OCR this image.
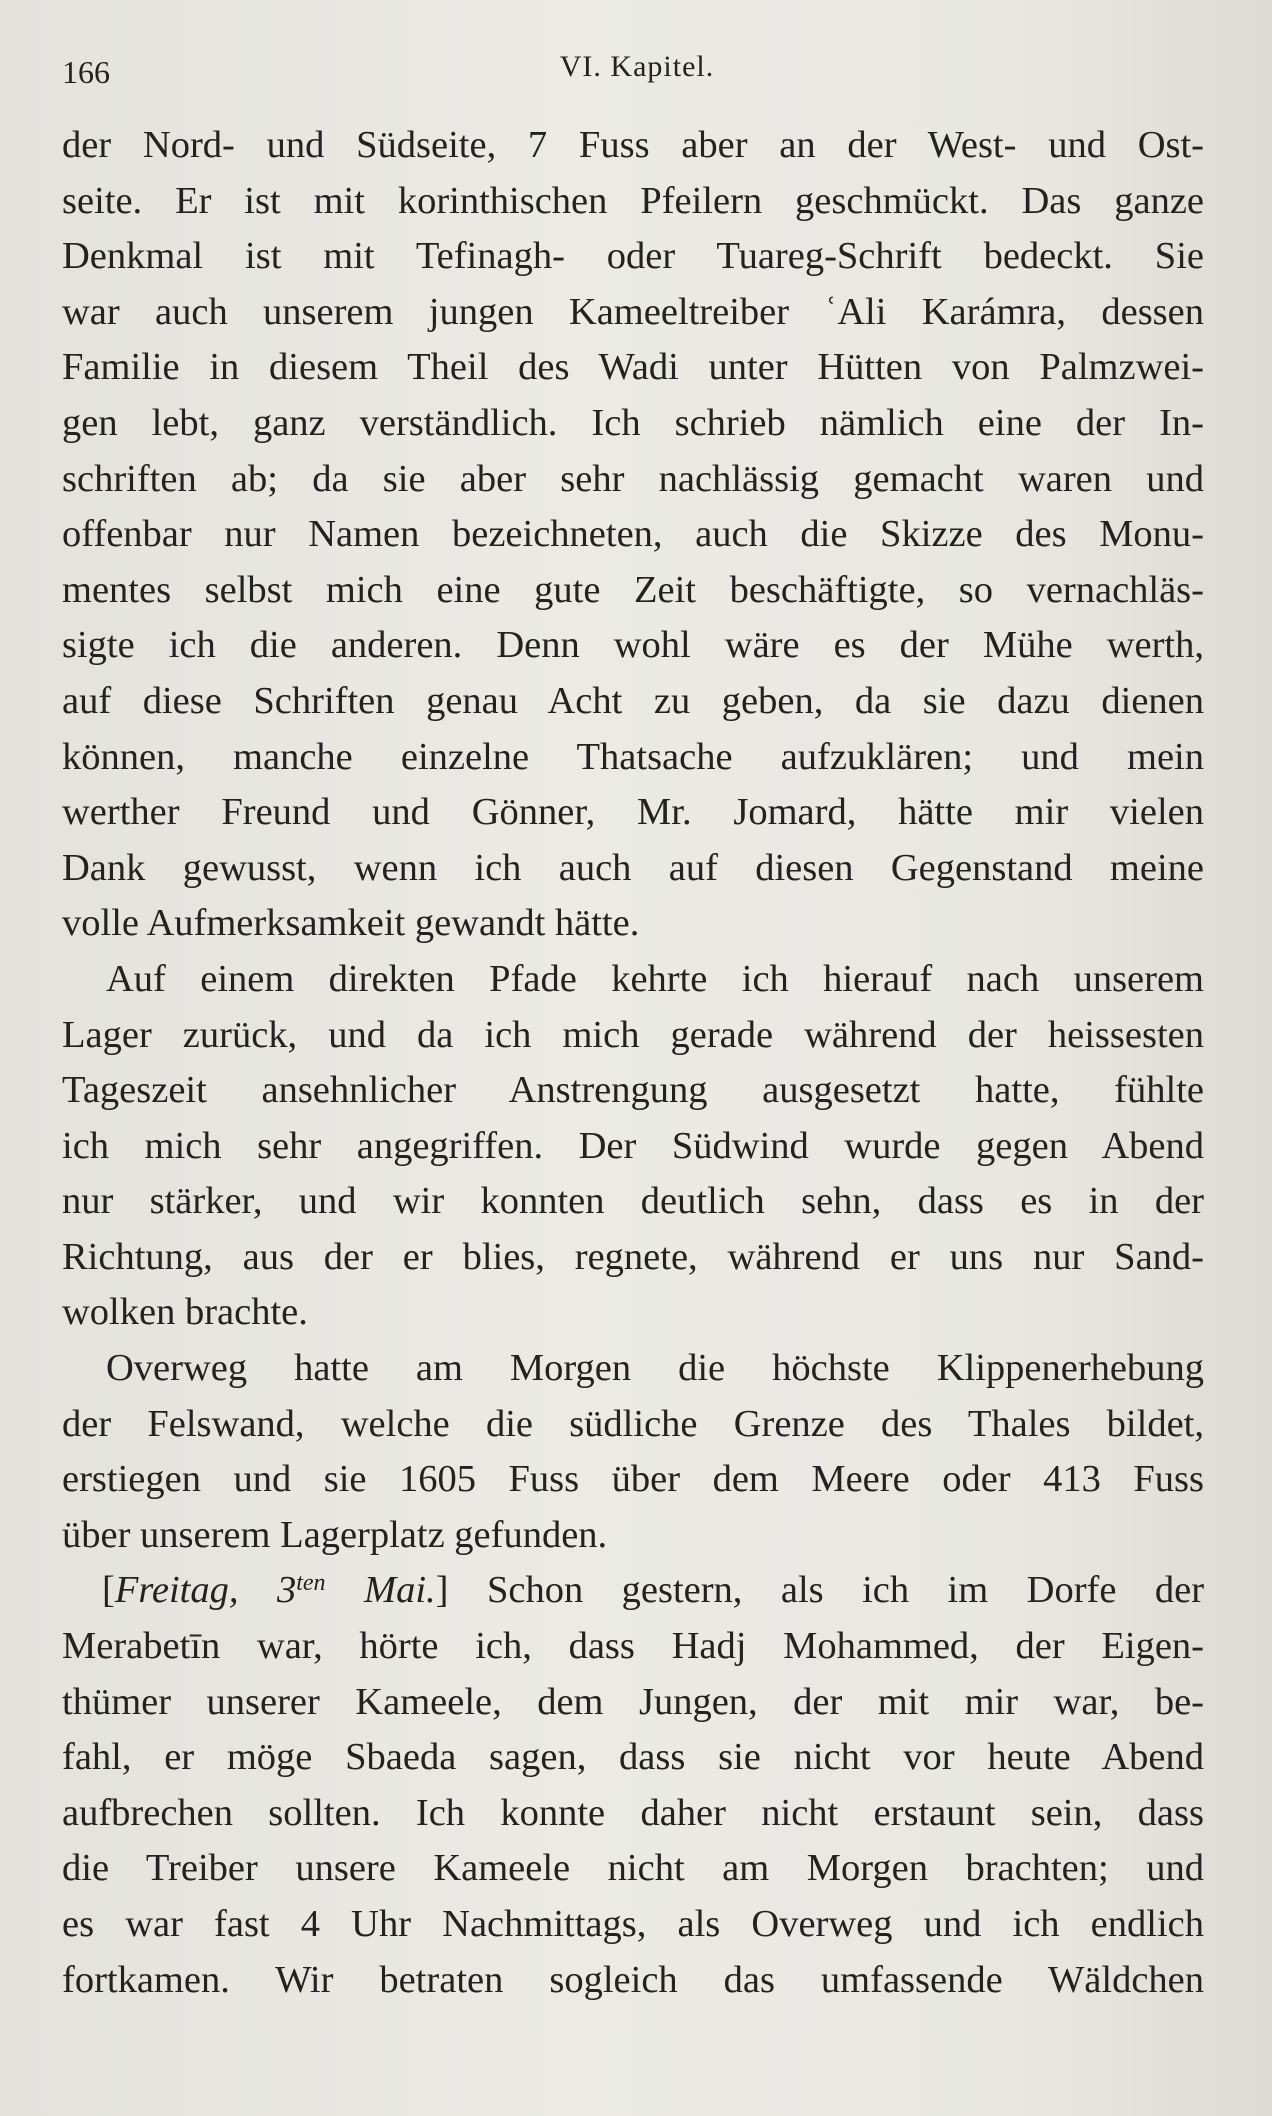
166	VI. Kapitel.
der Nord- und Südseite, 7 Fuss aber an der West- und Ost-
seite. Er ist mit korinthischen Pfeilern geschmückt. Das ganze
Denkmal ist mit Tefinagh- oder Tuareg-Schrift bedeckt. Sie
war auch unserem jungen Kameeltreiber ʿAli Karámra, dessen
Familie in diesem Theil des Wadi unter Hütten von Palmzwei-
gen lebt, ganz verständlich. Ich schrieb nämlich eine der In-
schriften ab; da sie aber sehr nachlässig gemacht waren und
offenbar nur Namen bezeichneten, auch die Skizze des Monu-
mentes selbst mich eine gute Zeit beschäftigte, so vernachläs-
sigte ich die anderen. Denn wohl wäre es der Mühe werth,
auf diese Schriften genau Acht zu geben, da sie dazu dienen
können, manche einzelne Thatsache aufzuklären; und mein
werther Freund und Gönner, Mr. Jomard, hätte mir vielen
Dank gewusst, wenn ich auch auf diesen Gegenstand meine
volle Aufmerksamkeit gewandt hätte.
Auf einem direkten Pfade kehrte ich hierauf nach unserem
Lager zurück, und da ich mich gerade während der heissesten
Tageszeit ansehnlicher Anstrengung ausgesetzt hatte, fühlte
ich mich sehr angegriffen. Der Südwind wurde gegen Abend
nur stärker, und wir konnten deutlich sehn, dass es in der
Richtung, aus der er blies, regnete, während er uns nur Sand-
wolken brachte.
Overweg hatte am Morgen die höchste Klippenerhebung
der Felswand, welche die südliche Grenze des Thales bildet,
erstiegen und sie 1605 Fuss über dem Meere oder 413 Fuss
über unserem Lagerplatz gefunden.
[Freitag, $3^{ten}$ Mai.] Schon gestern, als ich im Dorfe der
Merabetīn war, hörte ich, dass Hadj Mohammed, der Eigen-
thümer unserer Kameele, dem Jungen, der mit mir war, be-
fahl, er möge Sbaeda sagen, dass sie nicht vor heute Abend
aufbrechen sollten. Ich konnte daher nicht erstaunt sein, dass
die Treiber unsere Kameele nicht am Morgen brachten; und
es war fast 4 Uhr Nachmittags, als Overweg und ich endlich
fortkamen. Wir betraten sogleich das umfassende Wäldchen
